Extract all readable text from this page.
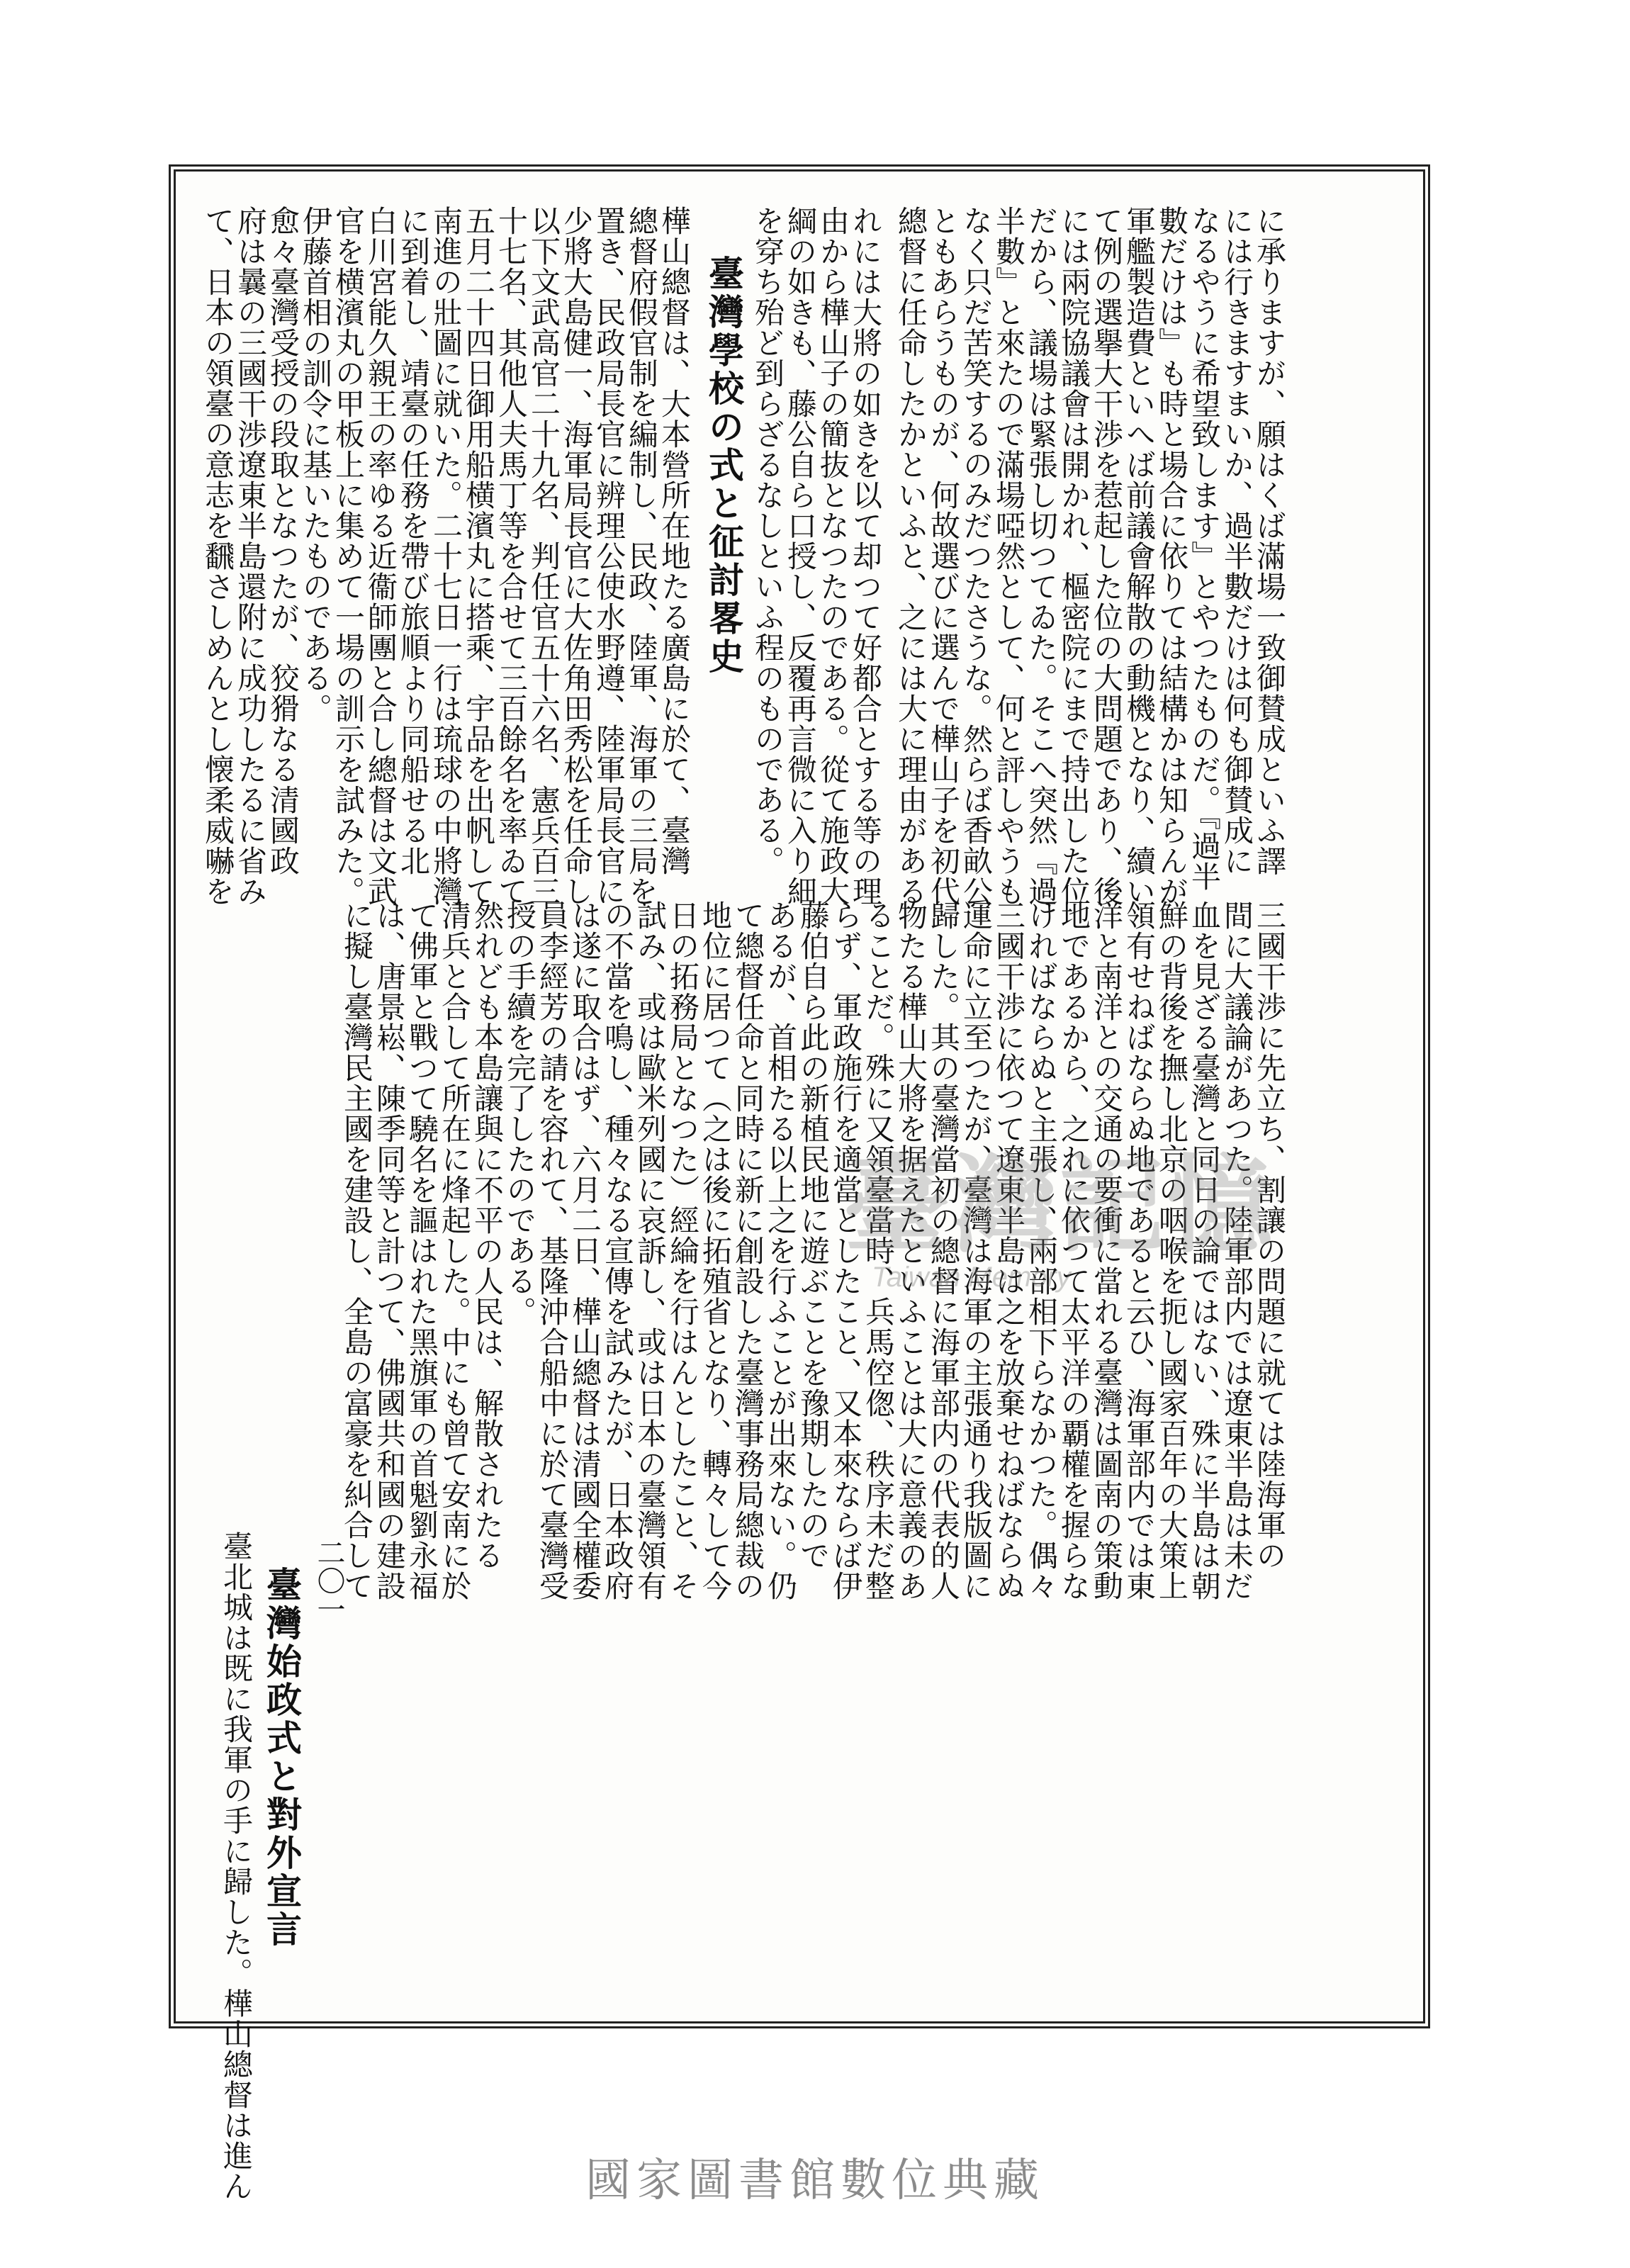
に承りますが、願はくば滿場一致御賛成といふ譯
には行きますまいか、過半數だけは何も御賛成に
なるやうに希望致します』とやつたものだ。『過半
數だけは』も時と場合に依りては結構かは知らんが
軍艦製造費といへば前議會解散の動機となり、續い
て例の選擧大干渉を惹起した位の大問題であり、後
には兩院協議會は開かれ、樞密院にまで持出した位
だから、議場は緊張し切つてゐた。そこへ突然『過
半數』と來たので滿場啞然として、何と評しやうも
なく只だ苦笑するのみだつたさうな。然らば香畝公
ともあらうものが、何故選びに選んで樺山子を初代
總督に任命したかといふと、之には大に理由がある
三國干渉に先立ち、割讓の問題に就ては陸海軍の
間に大議論があつた。陸軍部内では遼東半島は未だ
血を見ざる臺灣と同日の論ではない、殊に半島は朝
鮮の背後を撫し北京の咽喉を扼し國家百年の大策上
領有せねばならぬ地であると云ひ、海軍部内では東
洋と南洋との交通の要衝に當れる臺灣は圖南の策動
地であるから、之れに依つて太平洋の覇權を握らな
ければならぬと主張し、兩部相下らなかつた。偶々
三國干渉に依つて遼東半島は之を放棄せねばならぬ
運命に立至つたが、臺灣は海軍の主張通り我版圖に
歸した。其の臺灣當初の總督に海軍部内の代表的人
物たる樺山大將を据えたといふことは大に意義のあ
ることだ。殊に又領臺當時、兵馬倥偬、秩序未だ整
らず、軍政施行を適當としたこと、又本來ならば伊
藤伯自ら此の新植民地に遊ぶことを豫期したので
あるが、首相たる以上之を行ふことが出來ない。仍
て總督任命と同時に新に創設した臺灣事務局總裁の
地位に居つて（之は後に拓殖省となり、轉々して今
日の拓務局となつた）經綸を行はんとしたこと、そ
れには大將の如きを以て却つて好都合とする等の理
由から樺山子の簡抜となつたのである。從て施政大
綱の如きも、藤公自ら口授し、反覆再言微に入り細
を穿ち殆ど到らざるなしといふ程のものである。
臺灣學校の式と征討畧史
樺山總督は、大本營所在地たる廣島に於て、臺灣
總督府假官制を編制し、民政、陸軍、海軍の三局を
置き、民政局長官に辨理公使水野遵、陸軍局長官に
少將大島健一、海軍局長官に大佐角田秀松を任命し
以下文武高官二十九名、判任官五十六名、憲兵百三
十七名、其他人夫馬丁等を合せて三百餘名を率ゐて
五月二十四日御用船横濱丸に搭乘、宇品を出帆して
南進の壯圖に就いた。二十七日一行は琉球の中將灣
に到着し、靖臺の任務を帶び旅順より同船せる北
白川宮能久親王の率ゆる近衞師團と合し總督は文武
官を横濱丸の甲板上に集めて一場の訓示を試みた。
伊藤首相の訓令に基いたものである。
愈々臺灣受授の段取となつたが、狡猾なる清國政
府は曩の三國干渉遼東半島還附に成功したるに省み
て、日本の領臺の意志を飜さしめんとし懐柔威嚇を
試み、或は歐米列國に哀訴し、或は日本の臺灣領有
の不當を鳴し、種々なる宣傳を試みたが、日本政府
は遂に取合はず、六月二日、樺山總督は清國全權委
員李經芳の請を容れて、基隆沖合船中に於て臺灣受
授の手續を完了したのである。
然れども本島讓與に不平の人民は、解散されたる
清兵と合して所在に烽起した。中にも曾て安南に於
て佛軍と戰つて驍名を謳はれた黑旗軍の首魁劉永福
は、唐景崧、陳季同等と計つて、佛國共和國の建設
に擬し臺灣民主國を建設し、全島の富豪を糾合して
臺灣始政式と對外宣言
臺北城は既に我軍の手に歸した。樺山總督は進ん 二〇一
臺灣記憶
Taiwan Memory
國家圖書館數位典藏
